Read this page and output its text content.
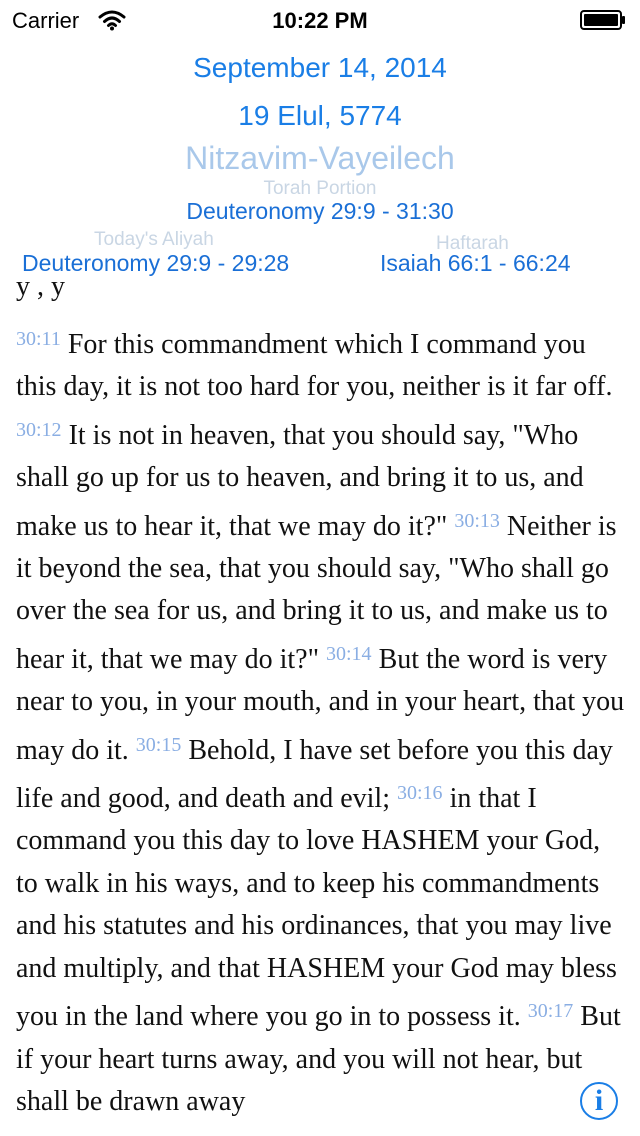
Carrier	10:22 PM
September 14, 2014
19 Elul, 5774
Nitzavim-Vayeilech
Torah Portion
Deuteronomy 29:9 - 31:30
Today's Aliyah	Haftarah
Deuteronomy 29:9 - 29:28	Isaiah 66:1 - 66:24
y , y

$^{30:11}$ For this commandment which I command you this day, it is not too hard for you, neither is it far off. $^{30:12}$ It is not in heaven, that you should say, "Who shall go up for us to heaven, and bring it to us, and make us to hear it, that we may do it?" $^{30:13}$ Neither is it beyond the sea, that you should say, "Who shall go over the sea for us, and bring it to us, and make us to hear it, that we may do it?" $^{30:14}$ But the word is very near to you, in your mouth, and in your heart, that you may do it. $^{30:15}$ Behold, I have set before you this day life and good, and death and evil; $^{30:16}$ in that I command you this day to love HASHEM your God, to walk in his ways, and to keep his commandments and his statutes and his ordinances, that you may live and multiply, and that HASHEM your God may bless you in the land where you go in to possess it. $^{30:17}$ But if your heart turns away, and you will not hear, but shall be drawn away	i
